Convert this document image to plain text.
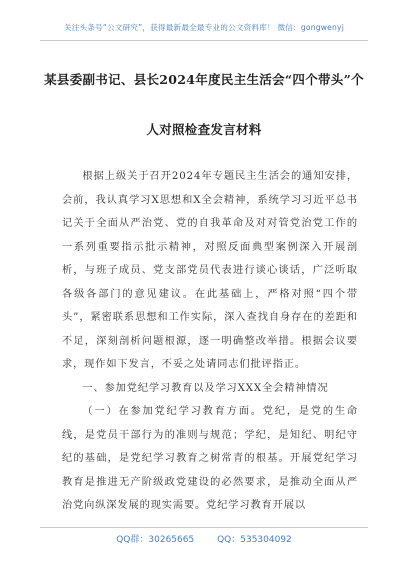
关注头条号“公文研究”，获得最新最全最专业的公文资料库！ 微信：gongwenyj
某县委副书记、县长2024年度民主生活会“四个带头”个
人对照检查发言材料

根据上级关于召开2024年专题民主生活会的通知安排，会前，我认真学习X思想和X全会精神，系统学习习近平总书记关于全面从严治党、党的自我革命及对对管党治党工作的一系列重要指示批示精神，对照反面典型案例深入开展剖析，与班子成员、党支部党员代表进行谈心谈话，广泛听取各级各部门的意见建议。在此基础上，严格对照“四个带头”，紧密联系思想和工作实际，深入查找自身存在的差距和不足，深刻剖析问题根源，逐一明确整改举措。根据会议要求，现作如下发言，不妥之处请同志们批评指正。

一、参加党纪学习教育以及学习XXX全会精神情况

（一）在参加党纪学习教育方面。党纪，是党的生命线，是党员干部行为的准则与规范；学纪，是知纪、明纪守纪的基础，是党纪学习教育之树常青的根基。开展党纪学习教育是推进无产阶级政党建设的必然要求，是推动全面从严治党向纵深发展的现实需要。党纪学习教育开展以

QQ群：30265665	QQ：535304092
